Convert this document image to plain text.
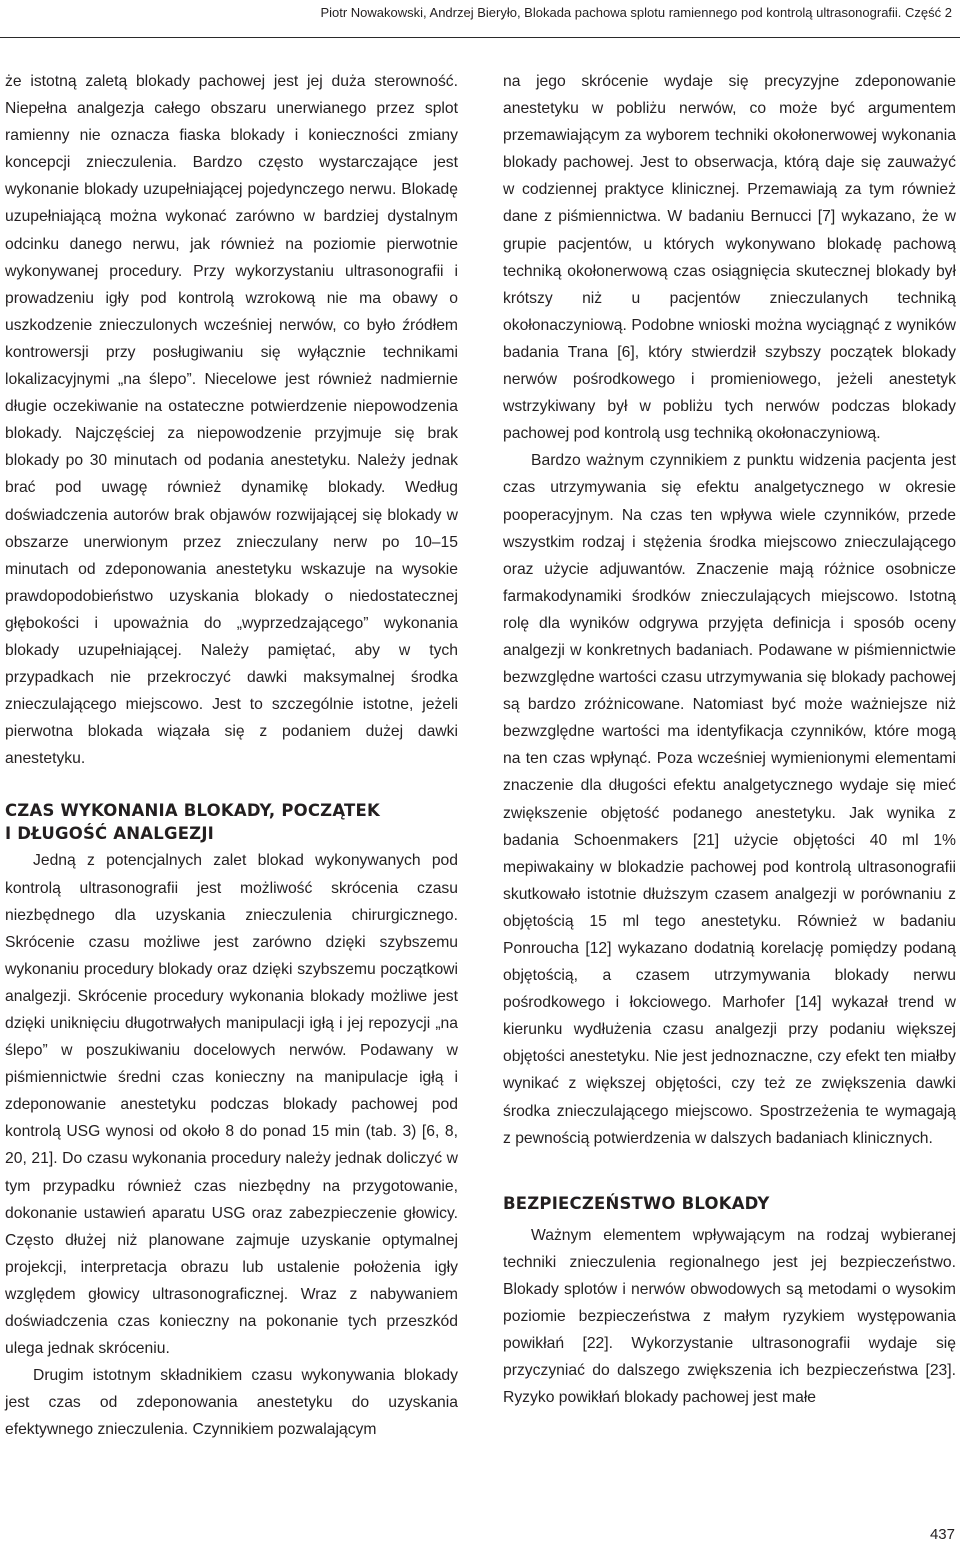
Piotr Nowakowski, Andrzej Bieryło, Blokada pachowa splotu ramiennego pod kontrolą ultrasonografii. Część 2

że istotną zaletą blokady pachowej jest jej duża sterowność. Niepełna analgezja całego obszaru unerwianego przez splot ramienny nie oznacza fiaska blokady i konieczności zmiany koncepcji znieczulenia. Bardzo często wystarczające jest wykonanie blokady uzupełniającej pojedynczego nerwu. Blokadę uzupełniającą można wykonać zarówno w bardziej dystalnym odcinku danego nerwu, jak również na poziomie pierwotnie wykonywanej procedury. Przy wykorzystaniu ultrasonografii i prowadzeniu igły pod kontrolą wzrokową nie ma obawy o uszkodzenie znieczulonych wcześniej nerwów, co było źródłem kontrowersji przy posługiwaniu się wyłącznie technikami lokalizacyjnymi „na ślepo”. Niecelowe jest również nadmiernie długie oczekiwanie na ostateczne potwierdzenie niepowodzenia blokady. Najczęściej za niepowodzenie przyjmuje się brak blokady po 30 minutach od podania anestetyku. Należy jednak brać pod uwagę również dynamikę blokady. Według doświadczenia autorów brak objawów rozwijającej się blokady w obszarze unerwionym przez znieczulany nerw po 10–15 minutach od zdeponowania anestetyku wskazuje na wysokie prawdopodobieństwo uzyskania blokady o niedostatecznej głębokości i upoważnia do „wyprzedzającego” wykonania blokady uzupełniającej. Należy pamiętać, aby w tych przypadkach nie przekroczyć dawki maksymalnej środka znieczulającego miejscowo. Jest to szczególnie istotne, jeżeli pierwotna blokada wiązała się z podaniem dużej dawki anestetyku.

CZAS WYKONANIA BLOKADY, POCZĄTEK
I DŁUGOŚĆ ANALGEZJI

Jedną z potencjalnych zalet blokad wykonywanych pod kontrolą ultrasonografii jest możliwość skrócenia czasu niezbędnego dla uzyskania znieczulenia chirurgicznego. Skrócenie czasu możliwe jest zarówno dzięki szybszemu wykonaniu procedury blokady oraz dzięki szybszemu początkowi analgezji. Skrócenie procedury wykonania blokady możliwe jest dzięki uniknięciu długotrwałych manipulacji igłą i jej repozycji „na ślepo” w poszukiwaniu docelowych nerwów. Podawany w piśmiennictwie średni czas konieczny na manipulacje igłą i zdeponowanie anestetyku podczas blokady pachowej pod kontrolą USG wynosi od około 8 do ponad 15 min (tab. 3) [6, 8, 20, 21]. Do czasu wykonania procedury należy jednak doliczyć w tym przypadku również czas niezbędny na przygotowanie, dokonanie ustawień aparatu USG oraz zabezpieczenie głowicy. Często dłużej niż planowane zajmuje uzyskanie optymalnej projekcji, interpretacja obrazu lub ustalenie położenia igły względem głowicy ultrasonograficznej. Wraz z nabywaniem doświadczenia czas konieczny na pokonanie tych przeszkód ulega jednak skróceniu.

Drugim istotnym składnikiem czasu wykonywania blokady jest czas od zdeponowania anestetyku do uzyskania efektywnego znieczulenia. Czynnikiem pozwalającym

na jego skrócenie wydaje się precyzyjne zdeponowanie anestetyku w pobliżu nerwów, co może być argumentem przemawiającym za wyborem techniki okołonerwowej wykonania blokady pachowej. Jest to obserwacja, którą daje się zauważyć w codziennej praktyce klinicznej. Przemawiają za tym również dane z piśmiennictwa. W badaniu Bernucci [7] wykazano, że w grupie pacjentów, u których wykonywano blokadę pachową techniką okołonerwową czas osiągnięcia skutecznej blokady był krótszy niż u pacjentów znieczulanych techniką okołonaczyniową. Podobne wnioski można wyciągnąć z wyników badania Trana [6], który stwierdził szybszy początek blokady nerwów pośrodkowego i promieniowego, jeżeli anestetyk wstrzykiwany był w pobliżu tych nerwów podczas blokady pachowej pod kontrolą usg techniką okołonaczyniową.

Bardzo ważnym czynnikiem z punktu widzenia pacjenta jest czas utrzymywania się efektu analgetycznego w okresie pooperacyjnym. Na czas ten wpływa wiele czynników, przede wszystkim rodzaj i stężenia środka miejscowo znieczulającego oraz użycie adjuwantów. Znaczenie mają różnice osobnicze farmakodynamiki środków znieczulających miejscowo. Istotną rolę dla wyników odgrywa przyjęta definicja i sposób oceny analgezji w konkretnych badaniach. Podawane w piśmiennictwie bezwzględne wartości czasu utrzymywania się blokady pachowej są bardzo zróżnicowane. Natomiast być może ważniejsze niż bezwzględne wartości ma identyfikacja czynników, które mogą na ten czas wpłynąć. Poza wcześniej wymienionymi elementami znaczenie dla długości efektu analgetycznego wydaje się mieć zwiększenie objętość podanego anestetyku. Jak wynika z badania Schoenmakers [21] użycie objętości 40 ml 1% mepiwakainy w blokadzie pachowej pod kontrolą ultrasonografii skutkowało istotnie dłuższym czasem analgezji w porównaniu z objętością 15 ml tego anestetyku. Również w badaniu Ponroucha [12] wykazano dodatnią korelację pomiędzy podaną objętością, a czasem utrzymywania blokady nerwu pośrodkowego i łokciowego. Marhofer [14] wykazał trend w kierunku wydłużenia czasu analgezji przy podaniu większej objętości anestetyku. Nie jest jednoznaczne, czy efekt ten miałby wynikać z większej objętości, czy też ze zwiększenia dawki środka znieczulającego miejscowo. Spostrzeżenia te wymagają z pewnością potwierdzenia w dalszych badaniach klinicznych.

BEZPIECZEŃSTWO BLOKADY

Ważnym elementem wpływającym na rodzaj wybieranej techniki znieczulenia regionalnego jest jej bezpieczeństwo. Blokady splotów i nerwów obwodowych są metodami o wysokim poziomie bezpieczeństwa z małym ryzykiem występowania powikłań [22]. Wykorzystanie ultrasonografii wydaje się przyczyniać do dalszego zwiększenia ich bezpieczeństwa [23]. Ryzyko powikłań blokady pachowej jest małe

437
